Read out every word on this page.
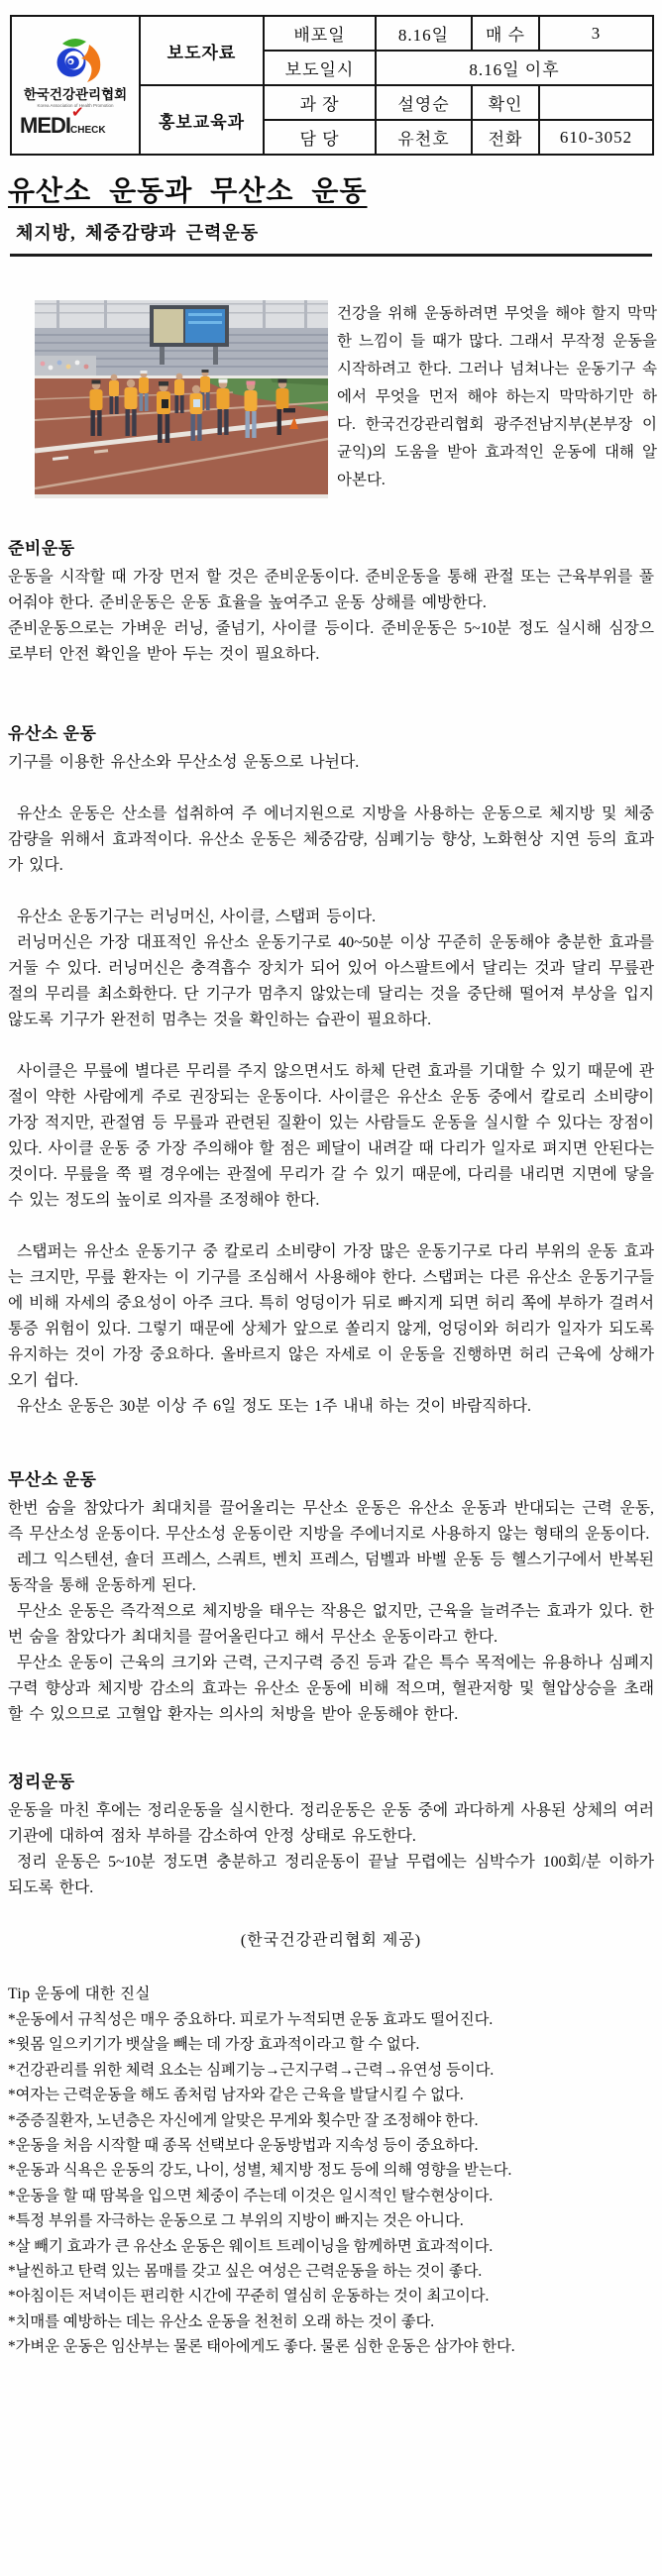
한국건강관리협회
Korea Association of Health Promotion
MEDI
✔
CHECK	보도자료	배포일	8.16일	매 수	3
		보도일시	8.16일 이후		
	홍보교육과	과 장	설영순	확인	
		담 당	유천호	전화	610-3052
유산소 운동과 무산소 운동
체지방, 체중감량과 근력운동

건강을 위해 운동하려면 무엇을 해야 할지 막막한 느낌이 들 때가 많다. 그래서 무작정 운동을 시작하려고 한다. 그러나 넘쳐나는 운동기구 속에서 무엇을 먼저 해야 하는지 막막하기만 하다. 한국건강관리협회 광주전남지부(본부장 이균익)의 도움을 받아 효과적인 운동에 대해 알아본다.

준비운동

운동을 시작할 때 가장 먼저 할 것은 준비운동이다. 준비운동을 통해 관절 또는 근육부위를 풀어줘야 한다. 준비운동은 운동 효율을 높여주고 운동 상해를 예방한다.

준비운동으로는 가벼운 러닝, 줄넘기, 사이클 등이다. 준비운동은 5~10분 정도 실시해 심장으로부터 안전 확인을 받아 두는 것이 필요하다.

유산소 운동

기구를 이용한 유산소와 무산소성 운동으로 나뉜다.

유산소 운동은 산소를 섭취하여 주 에너지원으로 지방을 사용하는 운동으로 체지방 및 체중감량을 위해서 효과적이다. 유산소 운동은 체중감량, 심폐기능 향상, 노화현상 지연 등의 효과가 있다.

유산소 운동기구는 러닝머신, 사이클, 스탭퍼 등이다.

러닝머신은 가장 대표적인 유산소 운동기구로 40~50분 이상 꾸준히 운동해야 충분한 효과를 거둘 수 있다. 러닝머신은 충격흡수 장치가 되어 있어 아스팔트에서 달리는 것과 달리 무릎관절의 무리를 최소화한다. 단 기구가 멈추지 않았는데 달리는 것을 중단해 떨어져 부상을 입지 않도록 기구가 완전히 멈추는 것을 확인하는 습관이 필요하다.

사이클은 무릎에 별다른 무리를 주지 않으면서도 하체 단련 효과를 기대할 수 있기 때문에 관절이 약한 사람에게 주로 권장되는 운동이다. 사이클은 유산소 운동 중에서 칼로리 소비량이 가장 적지만, 관절염 등 무릎과 관련된 질환이 있는 사람들도 운동을 실시할 수 있다는 장점이 있다. 사이클 운동 중 가장 주의해야 할 점은 페달이 내려갈 때 다리가 일자로 펴지면 안된다는 것이다. 무릎을 쭉 펼 경우에는 관절에 무리가 갈 수 있기 때문에, 다리를 내리면 지면에 닿을 수 있는 정도의 높이로 의자를 조정해야 한다.

스탭퍼는 유산소 운동기구 중 칼로리 소비량이 가장 많은 운동기구로 다리 부위의 운동 효과는 크지만, 무릎 환자는 이 기구를 조심해서 사용해야 한다. 스탭퍼는 다른 유산소 운동기구들에 비해 자세의 중요성이 아주 크다. 특히 엉덩이가 뒤로 빠지게 되면 허리 쪽에 부하가 걸려서 통증 위험이 있다. 그렇기 때문에 상체가 앞으로 쏠리지 않게, 엉덩이와 허리가 일자가 되도록 유지하는 것이 가장 중요하다. 올바르지 않은 자세로 이 운동을 진행하면 허리 근육에 상해가 오기 쉽다.

유산소 운동은 30분 이상 주 6일 정도 또는 1주 내내 하는 것이 바람직하다.

무산소 운동

한번 숨을 참았다가 최대치를 끌어올리는 무산소 운동은 유산소 운동과 반대되는 근력 운동, 즉 무산소성 운동이다. 무산소성 운동이란 지방을 주에너지로 사용하지 않는 형태의 운동이다.

레그 익스텐션, 숄더 프레스, 스쿼트, 벤치 프레스, 덤벨과 바벨 운동 등 헬스기구에서 반복된 동작을 통해 운동하게 된다.

무산소 운동은 즉각적으로 체지방을 태우는 작용은 없지만, 근육을 늘려주는 효과가 있다. 한번 숨을 참았다가 최대치를 끌어올린다고 해서 무산소 운동이라고 한다.

무산소 운동이 근육의 크기와 근력, 근지구력 증진 등과 같은 특수 목적에는 유용하나 심폐지구력 향상과 체지방 감소의 효과는 유산소 운동에 비해 적으며, 혈관저항 및 혈압상승을 초래할 수 있으므로 고혈압 환자는 의사의 처방을 받아 운동해야 한다.

정리운동

운동을 마친 후에는 정리운동을 실시한다. 정리운동은 운동 중에 과다하게 사용된 상체의 여러 기관에 대하여 점차 부하를 감소하여 안정 상태로 유도한다.

정리 운동은 5~10분 정도면 충분하고 정리운동이 끝날 무렵에는 심박수가 100회/분 이하가 되도록 한다.

(한국건강관리협회 제공)

Tip 운동에 대한 진실

*운동에서 규칙성은 매우 중요하다. 피로가 누적되면 운동 효과도 떨어진다.

*윗몸 일으키기가 뱃살을 빼는 데 가장 효과적이라고 할 수 없다.

*건강관리를 위한 체력 요소는 심폐기능→근지구력→근력→유연성 등이다.

*여자는 근력운동을 해도 좀처럼 남자와 같은 근육을 발달시킬 수 없다.

*중증질환자, 노년층은 자신에게 알맞은 무게와 횟수만 잘 조정해야 한다.

*운동을 처음 시작할 때 종목 선택보다 운동방법과 지속성 등이 중요하다.

*운동과 식욕은 운동의 강도, 나이, 성별, 체지방 정도 등에 의해 영향을 받는다.

*운동을 할 때 땀복을 입으면 체중이 주는데 이것은 일시적인 탈수현상이다.

*특정 부위를 자극하는 운동으로 그 부위의 지방이 빠지는 것은 아니다.

*살 빼기 효과가 큰 유산소 운동은 웨이트 트레이닝을 함께하면 효과적이다.

*날씬하고 탄력 있는 몸매를 갖고 싶은 여성은 근력운동을 하는 것이 좋다.

*아침이든 저녁이든 편리한 시간에 꾸준히 열심히 운동하는 것이 최고이다.

*치매를 예방하는 데는 유산소 운동을 천천히 오래 하는 것이 좋다.

*가벼운 운동은 임산부는 물론 태아에게도 좋다. 물론 심한 운동은 삼가야 한다.
